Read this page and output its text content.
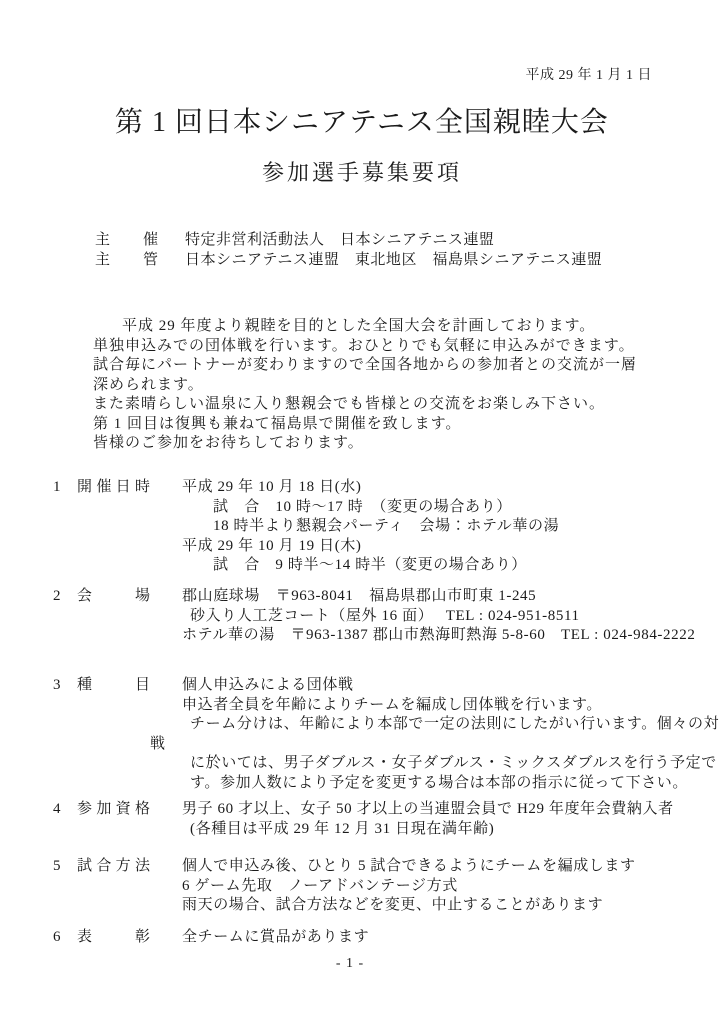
平成 29 年 1 月 1 日
第 1 回日本シニアテニス全国親睦大会
参加選手募集要項
主催 特定非営利活動法人　日本シニアテニス連盟
主管 日本シニアテニス連盟　東北地区　福島県シニアテニス連盟
平成 29 年度より親睦を目的とした全国大会を計画しております。
単独申込みでの団体戦を行います。おひとりでも気軽に申込みができます。
試合毎にパートナーが変わりますので全国各地からの参加者との交流が一層
深められます。
また素晴らしい温泉に入り懇親会でも皆様との交流をお楽しみ下さい。
第 1 回目は復興も兼ねて福島県で開催を致します。
皆様のご参加をお待ちしております。
1 開催日時 平成 29 年 10 月 18 日(水)
試　合　10 時～17 時　（変更の場合あり）
18 時半より懇親会パーティ　会場：ホテル華の湯
平成 29 年 10 月 19 日(木)
試　合　9 時半～14 時半（変更の場合あり）
2 会場 郡山庭球場　〒963-8041　福島県郡山市町東 1-245
砂入り人工芝コート（屋外 16 面）　 TEL : 024-951-8511
ホテル華の湯　〒963-1387 郡山市熱海町熱海 5-8-60　TEL : 024-984-2222
3 種目 個人申込みによる団体戦
申込者全員を年齢によりチームを編成し団体戦を行います。
チーム分けは、年齢により本部で一定の法則にしたがい行います。個々の対
戦
に於いては、男子ダブルス・女子ダブルス・ミックスダブルスを行う予定で
す。参加人数により予定を変更する場合は本部の指示に従って下さい。
4 参加資格 男子 60 才以上、女子 50 才以上の当連盟会員で H29 年度年会費納入者
(各種目は平成 29 年 12 月 31 日現在満年齢)
5 試合方法 個人で申込み後、ひとり 5 試合できるようにチームを編成します
6 ゲーム先取　ノーアドバンテージ方式
雨天の場合、試合方法などを変更、中止することがあります
6 表彰 全チームに賞品があります
- 1 -
